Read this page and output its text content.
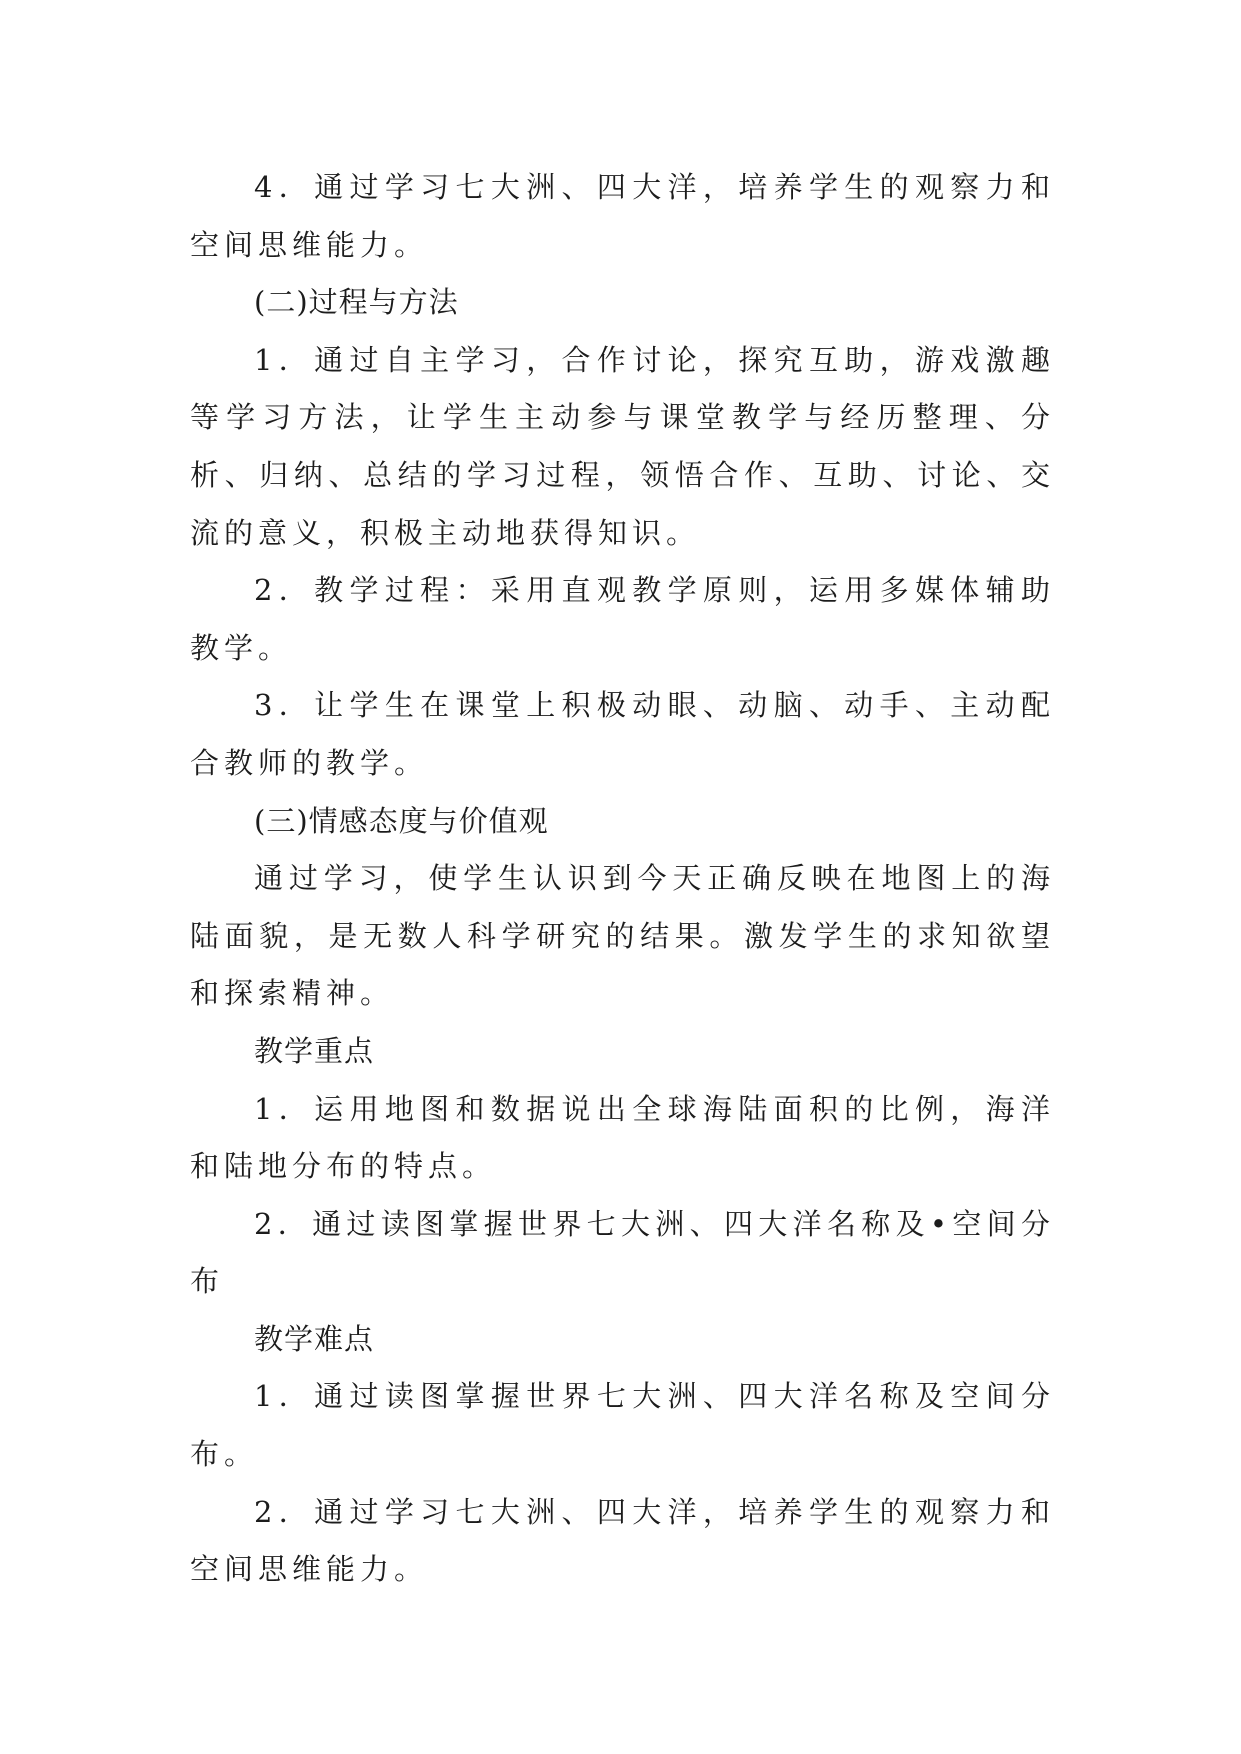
4．通过学习七大洲、四大洋，培养学生的观察力和空间思维能力。

(二)过程与方法

1．通过自主学习，合作讨论，探究互助，游戏激趣等学习方法，让学生主动参与课堂教学与经历整理、分析、归纳、总结的学习过程，领悟合作、互助、讨论、交流的意义，积极主动地获得知识。

2．教学过程：采用直观教学原则，运用多媒体辅助教学。

3．让学生在课堂上积极动眼、动脑、动手、主动配合教师的教学。

(三)情感态度与价值观

通过学习，使学生认识到今天正确反映在地图上的海陆面貌，是无数人科学研究的结果。激发学生的求知欲望和探索精神。

教学重点

1．运用地图和数据说出全球海陆面积的比例，海洋和陆地分布的特点。

2．通过读图掌握世界七大洲、四大洋名称及•空间分布

教学难点

1．通过读图掌握世界七大洲、四大洋名称及空间分布。

2．通过学习七大洲、四大洋，培养学生的观察力和空间思维能力。
